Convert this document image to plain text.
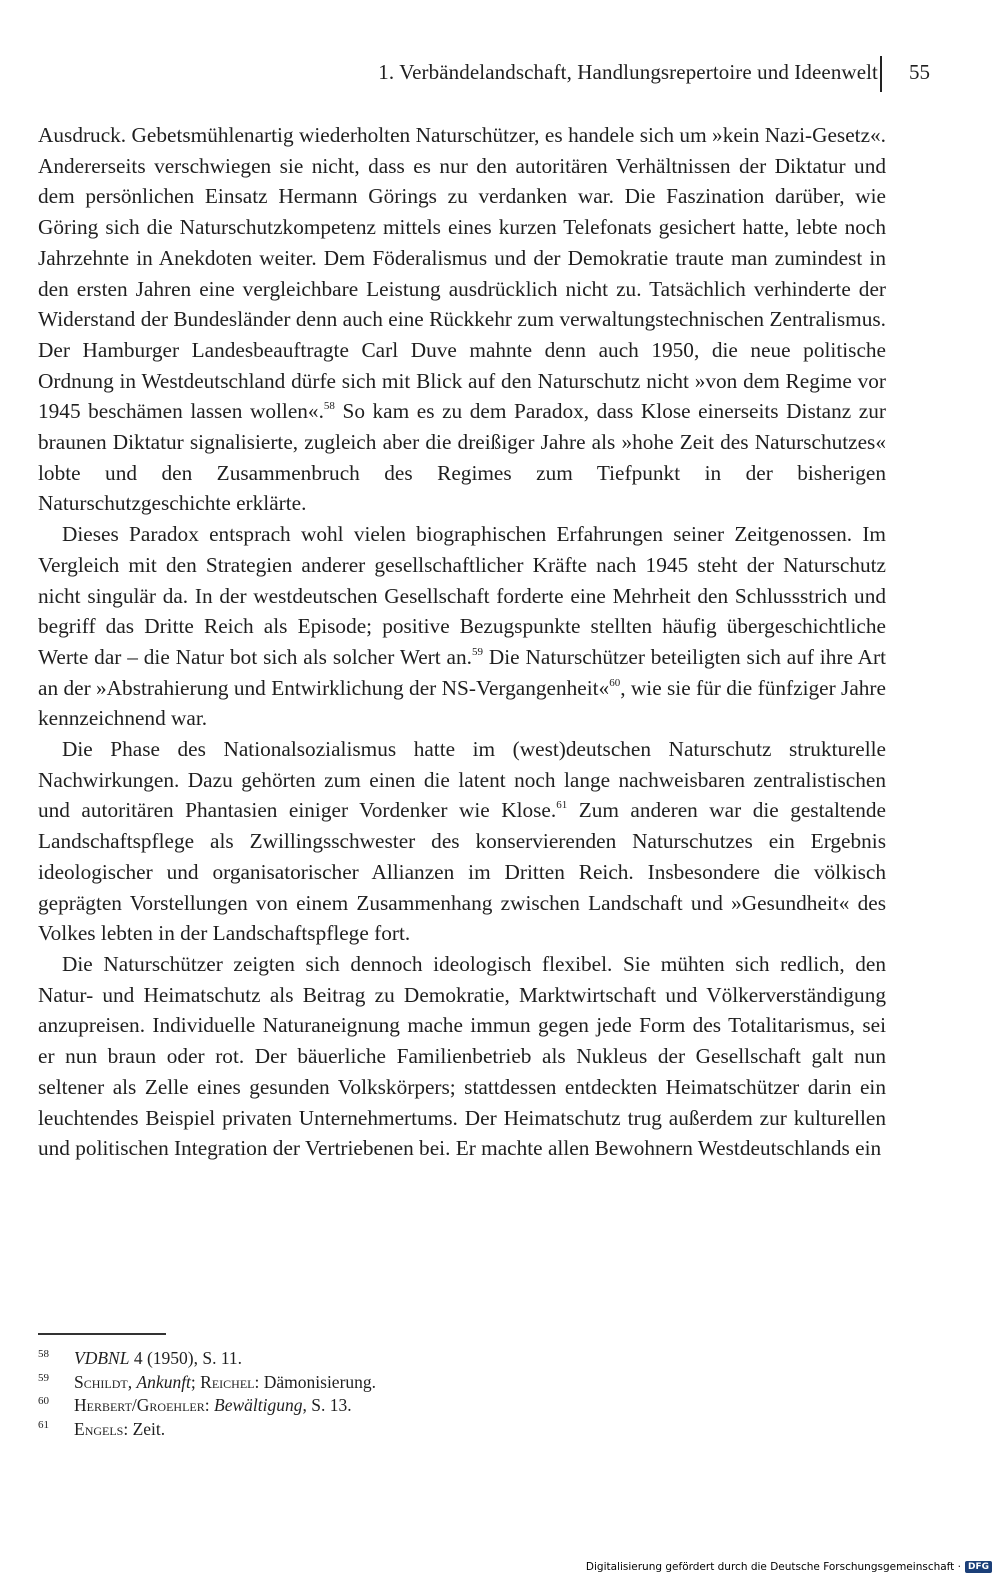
1. Verbändelandschaft, Handlungsrepertoire und Ideenwelt 55

Ausdruck. Gebetsmühlenartig wiederholten Naturschützer, es handele sich um »kein Nazi-Gesetz«. Andererseits verschwiegen sie nicht, dass es nur den autoritären Verhältnissen der Diktatur und dem persönlichen Einsatz Hermann Görings zu verdanken war. Die Faszination darüber, wie Göring sich die Naturschutzkompetenz mittels eines kurzen Telefonats gesichert hatte, lebte noch Jahrzehnte in Anekdoten weiter. Dem Föderalismus und der Demokratie traute man zumindest in den ersten Jahren eine vergleichbare Leistung ausdrücklich nicht zu. Tatsächlich verhinderte der Widerstand der Bundesländer denn auch eine Rückkehr zum verwaltungstechnischen Zentralismus. Der Hamburger Landesbeauftragte Carl Duve mahnte denn auch 1950, die neue politische Ordnung in Westdeutschland dürfe sich mit Blick auf den Naturschutz nicht »von dem Regime vor 1945 beschämen lassen wollen«.$^{58}$ So kam es zu dem Paradox, dass Klose einerseits Distanz zur braunen Diktatur signalisierte, zugleich aber die dreißiger Jahre als »hohe Zeit des Naturschutzes« lobte und den Zusammenbruch des Regimes zum Tiefpunkt in der bisherigen Naturschutzgeschichte erklärte.

Dieses Paradox entsprach wohl vielen biographischen Erfahrungen seiner Zeitgenossen. Im Vergleich mit den Strategien anderer gesellschaftlicher Kräfte nach 1945 steht der Naturschutz nicht singulär da. In der westdeutschen Gesellschaft forderte eine Mehrheit den Schlussstrich und begriff das Dritte Reich als Episode; positive Bezugspunkte stellten häufig übergeschichtliche Werte dar – die Natur bot sich als solcher Wert an.$^{59}$ Die Naturschützer beteiligten sich auf ihre Art an der »Abstrahierung und Entwirklichung der NS-Vergangenheit«$^{60}$, wie sie für die fünfziger Jahre kennzeichnend war.

Die Phase des Nationalsozialismus hatte im (west)deutschen Naturschutz strukturelle Nachwirkungen. Dazu gehörten zum einen die latent noch lange nachweisbaren zentralistischen und autoritären Phantasien einiger Vordenker wie Klose.$^{61}$ Zum anderen war die gestaltende Landschaftspflege als Zwillingsschwester des konservierenden Naturschutzes ein Ergebnis ideologischer und organisatorischer Allianzen im Dritten Reich. Insbesondere die völkisch geprägten Vorstellungen von einem Zusammenhang zwischen Landschaft und »Gesundheit« des Volkes lebten in der Landschaftspflege fort.

Die Naturschützer zeigten sich dennoch ideologisch flexibel. Sie mühten sich redlich, den Natur- und Heimatschutz als Beitrag zu Demokratie, Marktwirtschaft und Völkerverständigung anzupreisen. Individuelle Naturaneignung mache immun gegen jede Form des Totalitarismus, sei er nun braun oder rot. Der bäuerliche Familienbetrieb als Nukleus der Gesellschaft galt nun seltener als Zelle eines gesunden Volkskörpers; stattdessen entdeckten Heimatschützer darin ein leuchtendes Beispiel privaten Unternehmertums. Der Heimatschutz trug außerdem zur kulturellen und politischen Integration der Vertriebenen bei. Er machte allen Bewohnern Westdeutschlands ein

58 VDBNL 4 (1950), S. 11.
59 Schildt, Ankunft; Reichel: Dämonisierung.
60 Herbert/Groehler: Bewältigung, S. 13.
61 Engels: Zeit.
Digitalisierung gefördert durch die Deutsche Forschungsgemeinschaft · DFG
